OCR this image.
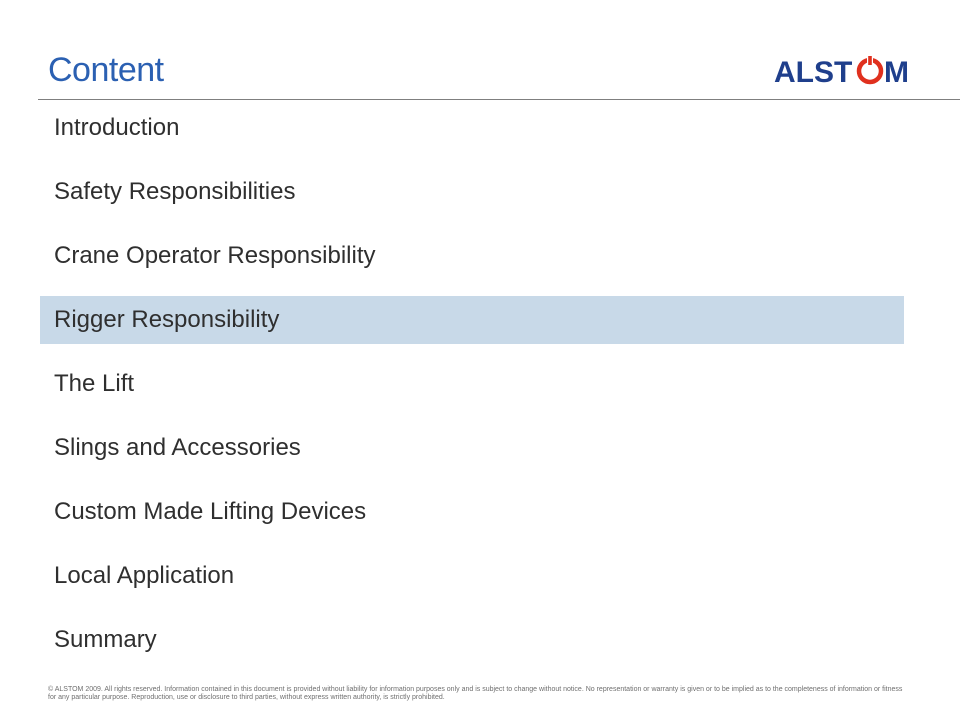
Content	ALST M
Introduction
Safety Responsibilities
Crane Operator Responsibility
Rigger Responsibility
The Lift
Slings and Accessories
Custom Made Lifting Devices
Local Application
Summary
© ALSTOM 2009. All rights reserved. Information contained in this document is provided without liability for information purposes only and is subject to change without notice. No representation or warranty is given or to be implied as to the completeness of information or fitness for any particular purpose. Reproduction, use or disclosure to third parties, without express written authority, is strictly prohibited.
